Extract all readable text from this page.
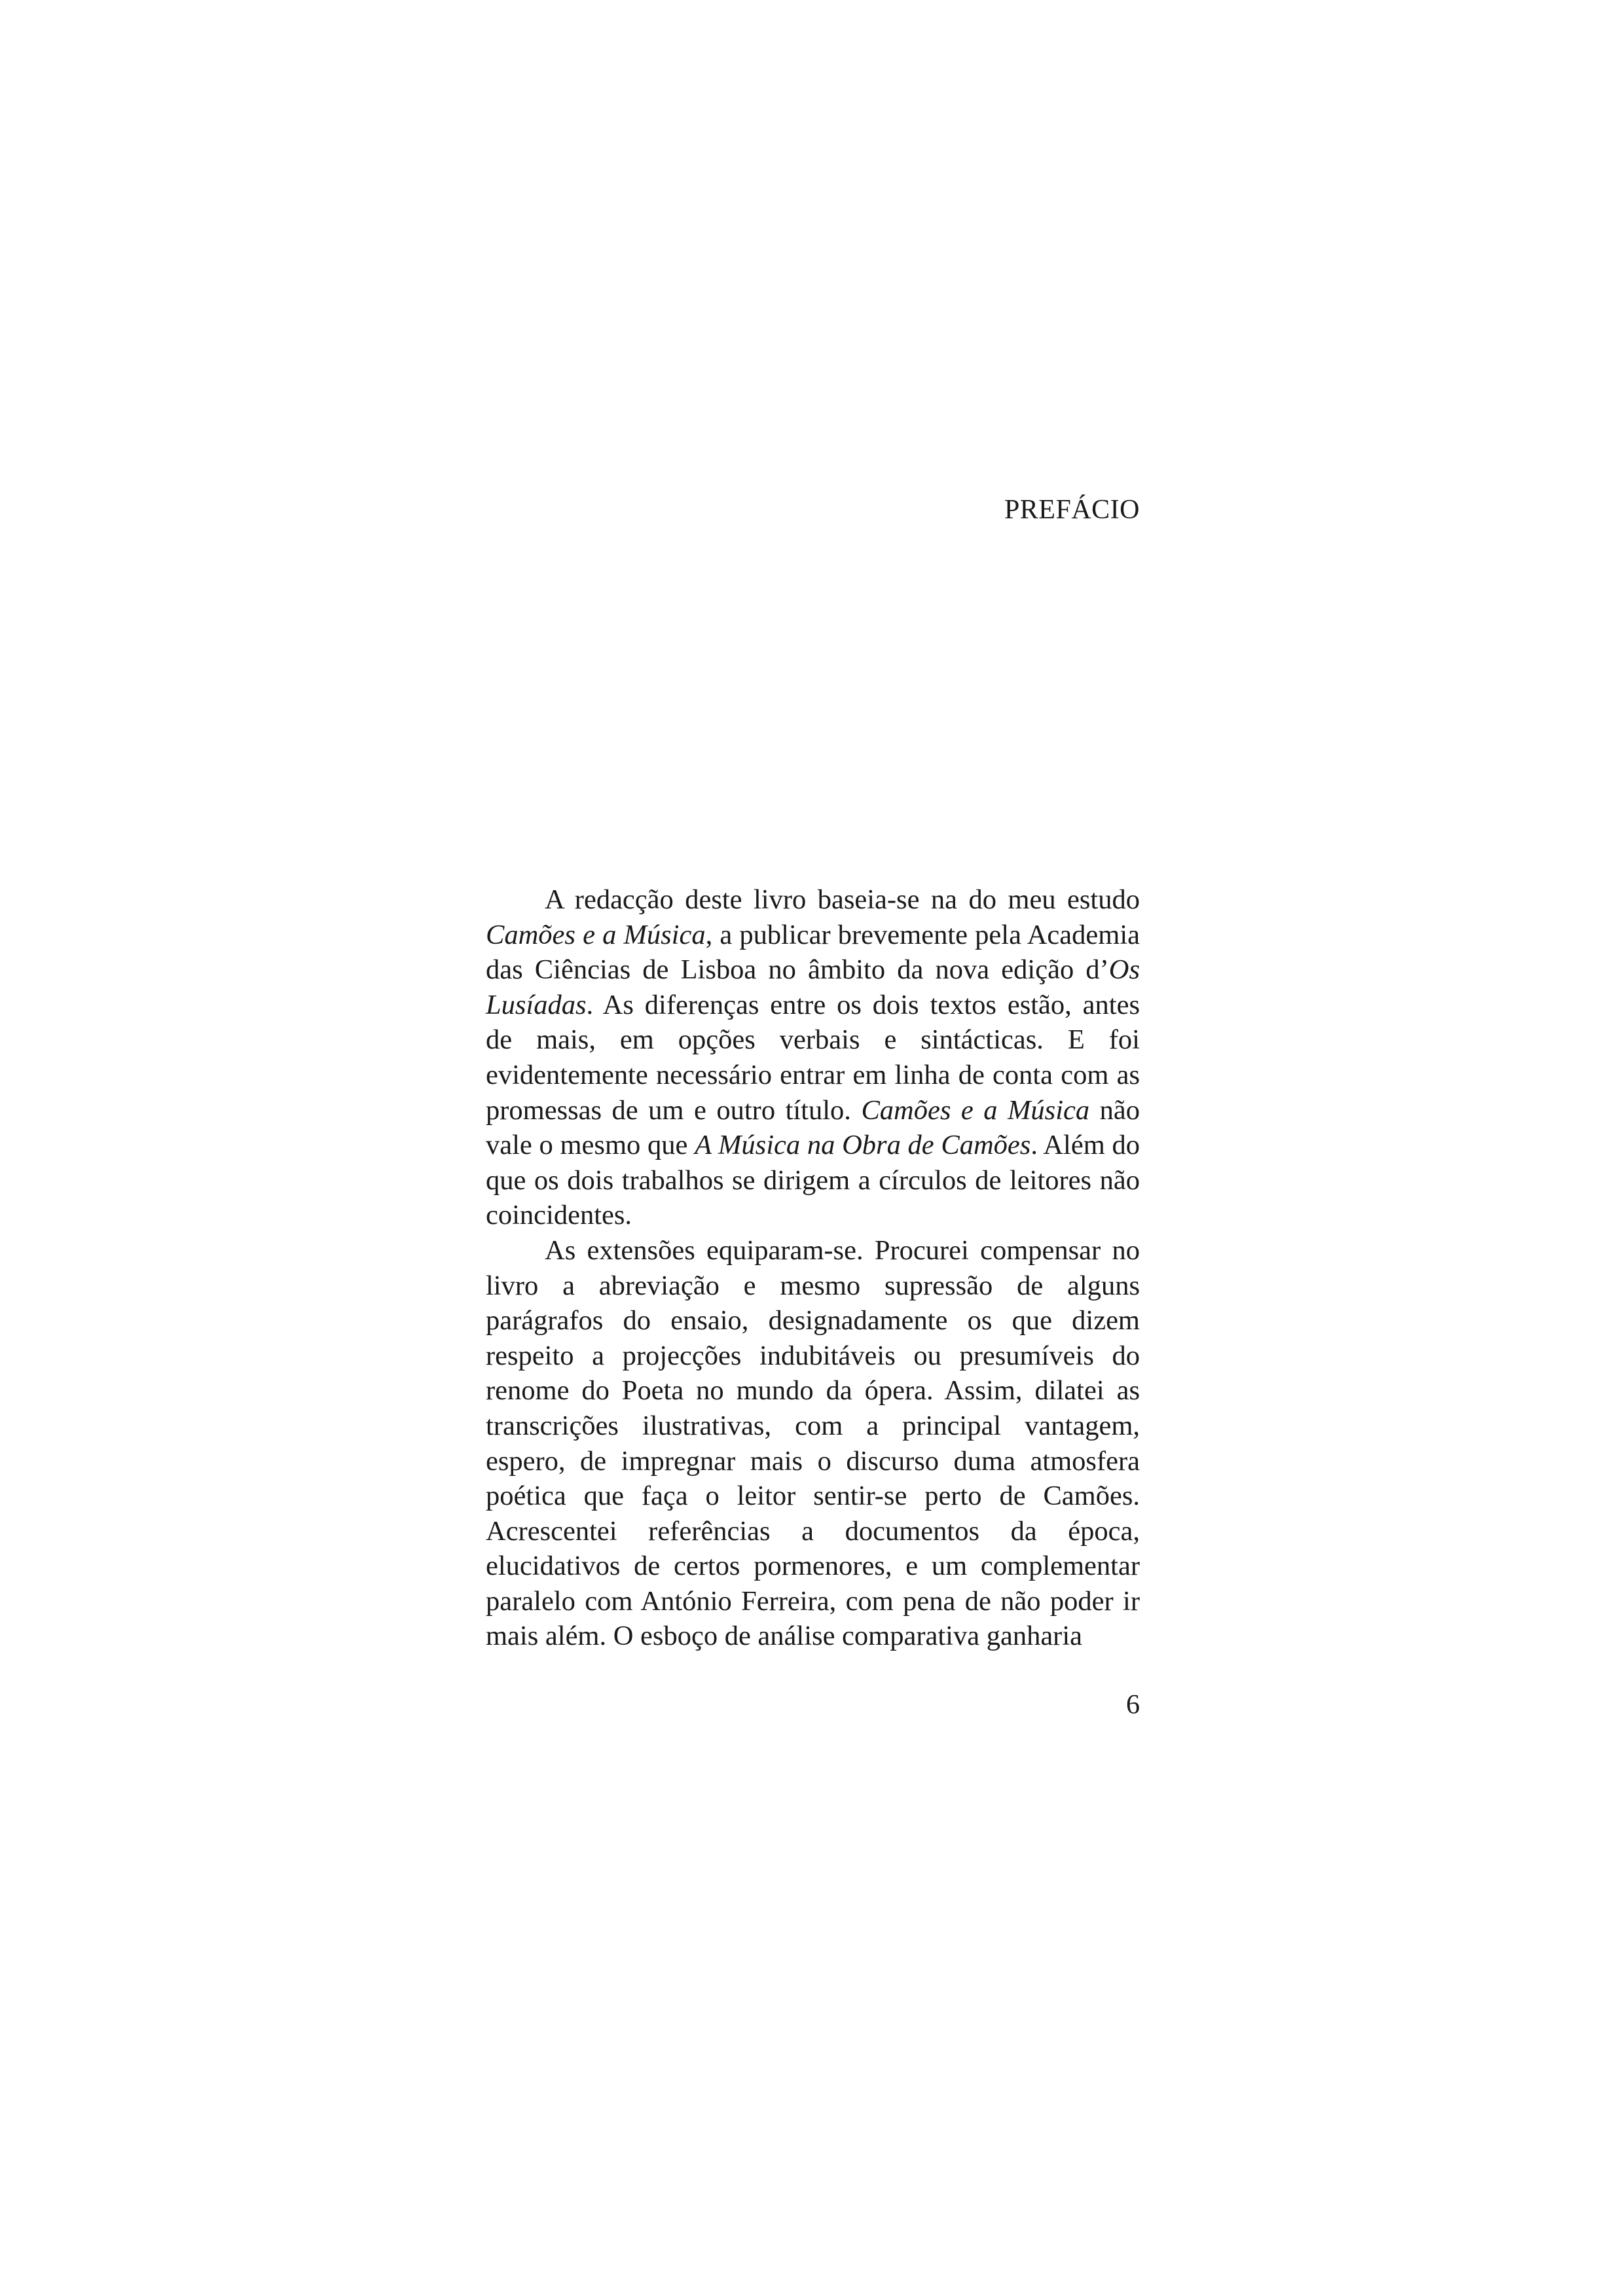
PREFÁCIO

A redacção deste livro baseia-se na do meu estudo Camões e a Música, a publicar brevemente pela Academia das Ciências de Lisboa no âmbito da nova edição d’Os Lusíadas. As diferenças entre os dois textos estão, antes de mais, em opções verbais e sintácticas. E foi evidentemente necessário entrar em linha de conta com as promessas de um e outro título. Camões e a Música não vale o mesmo que A Música na Obra de Camões. Além do que os dois trabalhos se dirigem a círculos de leitores não coincidentes.

As extensões equiparam-se. Procurei compensar no livro a abreviação e mesmo supressão de alguns parágrafos do ensaio, designadamente os que dizem respeito a projecções indubitáveis ou presumíveis do renome do Poeta no mundo da ópera. Assim, dilatei as transcrições ilustrativas, com a principal vantagem, espero, de impregnar mais o discurso duma atmosfera poética que faça o leitor sentir-se perto de Camões. Acrescentei referências a documentos da época, elucidativos de certos pormenores, e um complementar paralelo com António Ferreira, com pena de não poder ir mais além. O esboço de análise comparativa ganharia

6
